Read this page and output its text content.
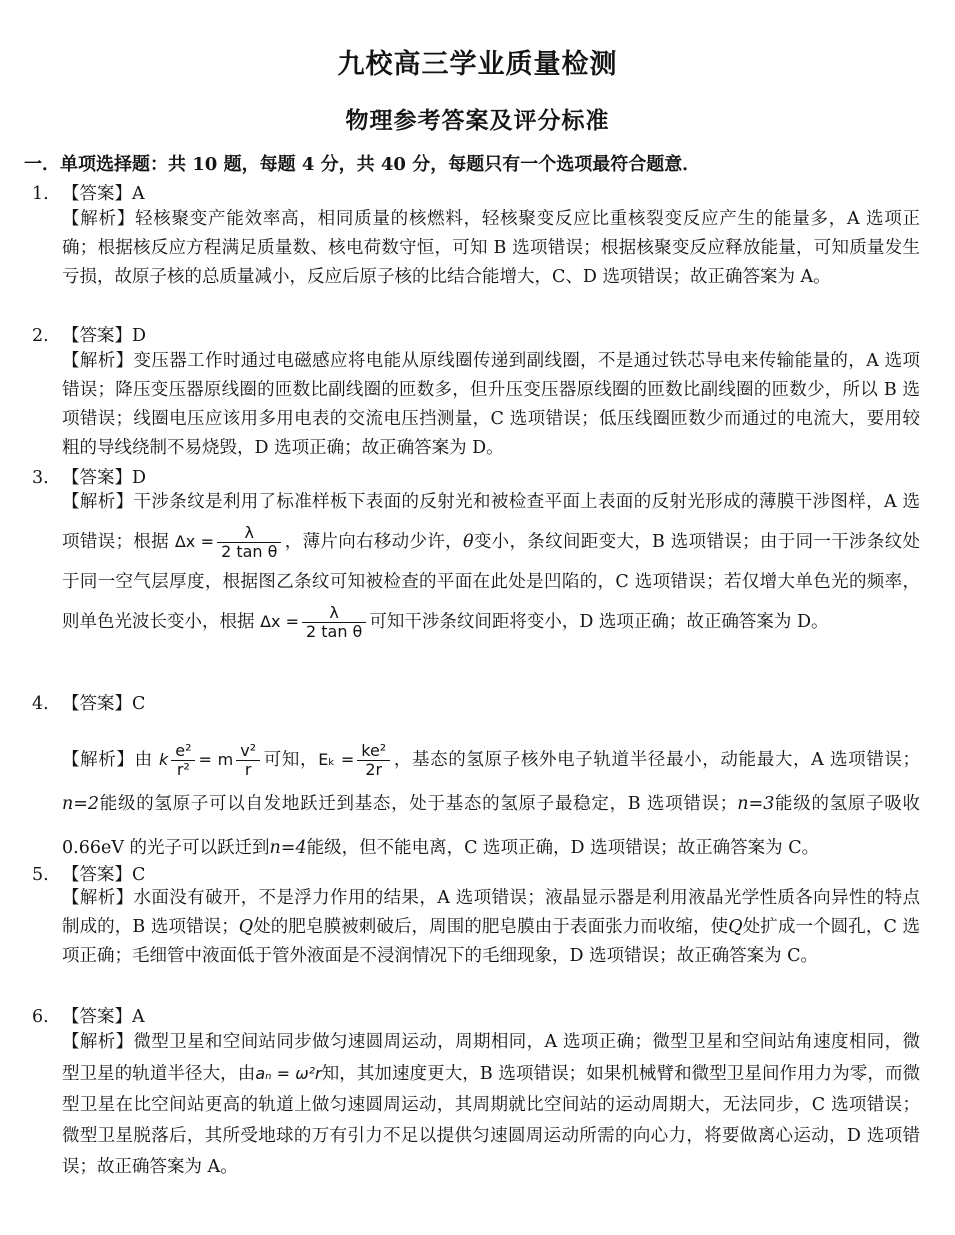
九校高三学业质量检测
物理参考答案及评分标准
一．单项选择题：共 10 题，每题 4 分，共 40 分，每题只有一个选项最符合题意．
1. 【答案】A
【解析】轻核聚变产能效率高，相同质量的核燃料，轻核聚变反应比重核裂变反应产生的能量多，A 选项正确；根据核反应方程满足质量数、核电荷数守恒，可知 B 选项错误；根据核聚变反应释放能量，可知质量发生亏损，故原子核的总质量减小，反应后原子核的比结合能增大，C、D 选项错误；故正确答案为 A。
2. 【答案】D
【解析】变压器工作时通过电磁感应将电能从原线圈传递到副线圈，不是通过铁芯导电来传输能量的，A 选项错误；降压变压器原线圈的匝数比副线圈的匝数多，但升压变压器原线圈的匝数比副线圈的匝数少，所以 B 选项错误；线圈电压应该用多用电表的交流电压挡测量，C 选项错误；低压线圈匝数少而通过的电流大，要用较粗的导线绕制不易烧毁，D 选项正确；故正确答案为 D。
3. 【答案】D
【解析】干涉条纹是利用了标准样板下表面的反射光和被检查平面上表面的反射光形成的薄膜干涉图样，A 选项错误；根据 $\Delta x = \frac{\lambda}{\text{2 tan θ}}$ ，薄片向右移动少许，θ变小，条纹间距变大，B 选项错误；由于同一干涉条纹处于同一空气层厚度，根据图乙条纹可知被检查的平面在此处是凹陷的，C 选项错误；若仅增大单色光的频率，则单色光波长变小，根据 $\Delta x = \frac{\lambda}{\text{2 tan θ}}$ 可知干涉条纹间距将变小，D 选项正确；故正确答案为 D。
4. 【答案】C
【解析】由 k $\frac{\text{e²}}{\text{r²}} = m \frac{\text{v²}}{r}$ 可知，$E_k = \frac{\text{ke²}}{2r}$ ，基态的氢原子核外电子轨道半径最小，动能最大，A 选项错误；n=2能级的氢原子可以自发地跃迁到基态，处于基态的氢原子最稳定，B 选项错误；n=3能级的氢原子吸收 0.66eV 的光子可以跃迁到n=4能级，但不能电离，C 选项正确，D 选项错误；故正确答案为 C。
5. 【答案】C
【解析】水面没有破开，不是浮力作用的结果，A 选项错误；液晶显示器是利用液晶光学性质各向异性的特点制成的，B 选项错误；Q处的肥皂膜被刺破后，周围的肥皂膜由于表面张力而收缩，使Q处扩成一个圆孔，C 选项正确；毛细管中液面低于管外液面是不浸润情况下的毛细现象，D 选项错误；故正确答案为 C。
6. 【答案】A
【解析】微型卫星和空间站同步做匀速圆周运动，周期相同，A 选项正确；微型卫星和空间站角速度相同，微型卫星的轨道半径大，由aₙ = ω²r知，其加速度更大，B 选项错误；如果机械臂和微型卫星间作用力为零，而微型卫星在比空间站更高的轨道上做匀速圆周运动，其周期就比空间站的运动周期大，无法同步，C 选项错误；微型卫星脱落后，其所受地球的万有引力不足以提供匀速圆周运动所需的向心力，将要做离心运动，D 选项错误；故正确答案为 A。
